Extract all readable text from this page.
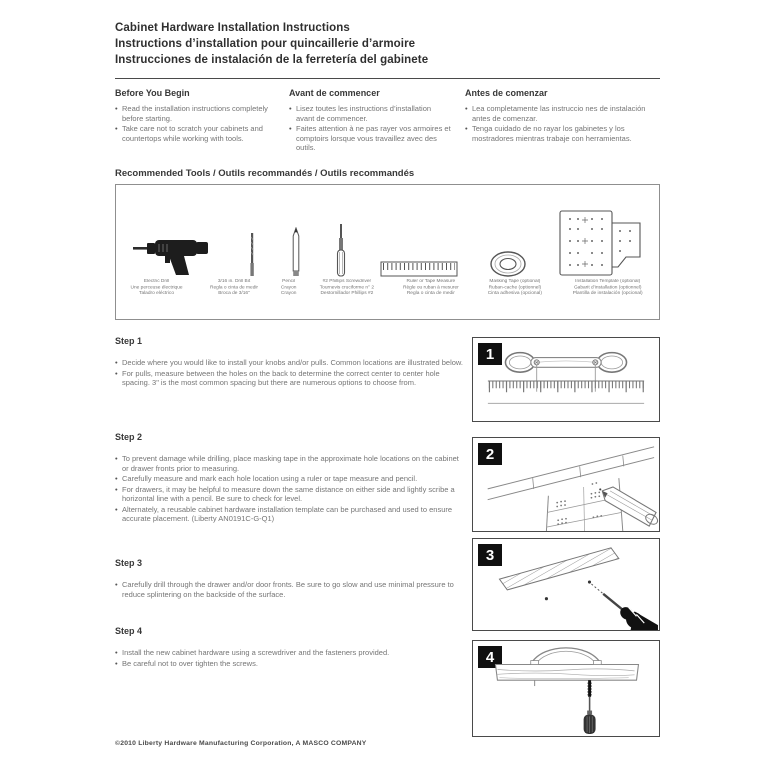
Cabinet Hardware Installation Instructions
Instructions d’installation pour quincaillerie d’armoire
Instrucciones de instalación de la ferretería del gabinete
Before You Begin
• Read the installation instructions completely before starting.
• Take care not to scratch your cabinets and countertops while working with tools.
Avant de commencer
• Lisez toutes les instructions d’installation avant de commencer.
• Faites attention à ne pas rayer vos armoires et comptoirs lorsque vous travaillez avec des outils.
Antes de comenzar
• Lea completamente las instruccio nes de instalación antes de comenzar.
• Tenga cuidado de no rayar los gabinetes y los mostradores mientras trabaje con herramientas.
Recommended Tools / Outils recommandés / Outils recommandés
Electric Drill
Une perceuse électrique
Taladro eléctrico
3/16 in. Drill Bit
Regla o cinta de medir
Broca de 3/16"
Pencil
Crayon
Crayon
#2 Phillips Screwdriver
Tournevis cruciforme n° 2
Destornillador Phillips #2
Ruler or Tape Measure
Règle ou ruban à mesurer
Regla o cinta de medir
Masking Tape (optional)
Ruban-cache (optionnel)
Cinta adhesiva (opcional)
Installation Template (optional)
Gabarit d’installation (optionnel)
Plantilla de instalación (opcional)
Step 1
• Decide where you would like to install your knobs and/or pulls. Common locations are illustrated below.
• For pulls, measure between the holes on the back to determine the correct center to center hole spacing. 3" is the most common spacing but there are numerous options to choose from.
1
Step 2
• To prevent damage while drilling, place masking tape in the approximate hole locations on the cabinet or drawer fronts prior to measuring.
• Carefully measure and mark each hole location using a ruler or tape measure and pencil.
• For drawers, it may be helpful to measure down the same distance on either side and lightly scribe a horizontal line with a pencil. Be sure to check for level.
• Alternately, a reusable cabinet hardware installation template can be purchased and used to ensure accurate placement. (Liberty AN0191C-G-Q1)
2
Step 3
• Carefully drill through the drawer and/or door fronts. Be sure to go slow and use minimal pressure to reduce splintering on the backside of the surface.
3
Step 4
• Install the new cabinet hardware using a screwdriver and the fasteners provided.
• Be careful not to over tighten the screws.	4
©2010 Liberty Hardware Manufacturing Corporation, A MASCO COMPANY
